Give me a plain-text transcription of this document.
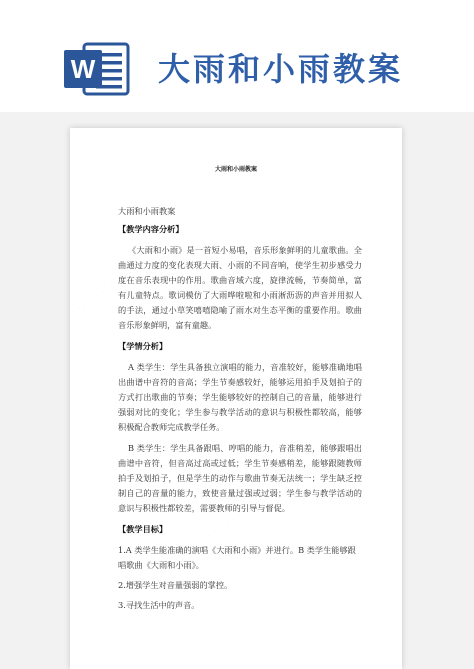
W 大雨和小雨教案
大雨和小雨教案

大雨和小雨教案

【教学内容分析】

《大雨和小雨》是一首短小易唱，音乐形象鲜明的儿童歌曲。全曲通过力度的变化表现大雨、小雨的不同音响，使学生初步感受力度在音乐表现中的作用。歌曲音域六度，旋律流畅，节奏简单，富有儿童特点。歌词模仿了大雨哗啦啦和小雨淅沥沥的声音并用拟人的手法，通过小草笑嘻嘻隐喻了雨水对生态平衡的重要作用。歌曲音乐形象鲜明，富有童趣。

【学情分析】

A 类学生：学生具备独立演唱的能力，音准较好，能够准确地唱出曲谱中音符的音高；学生节奏感较好，能够运用拍手及划拍子的方式打出歌曲的节奏；学生能够较好的控制自己的音量，能够进行强弱对比的变化；学生参与教学活动的意识与积极性都较高，能够积极配合教师完成教学任务。

B 类学生：学生具备跟唱、哼唱的能力，音准稍差，能够跟唱出曲谱中音符，但音高过高或过低；学生节奏感稍差，能够跟随教师拍手及划拍子，但是学生的动作与歌曲节奏无法统一；学生缺乏控制自己的音量的能力，致使音量过强或过弱；学生参与教学活动的意识与积极性都较差，需要教师的引导与督促。

【教学目标】

1.A 类学生能准确的演唱《大雨和小雨》并进行。B 类学生能够跟唱歌曲《大雨和小雨》。

2.增强学生对音量强弱的掌控。

3.寻找生活中的声音。
